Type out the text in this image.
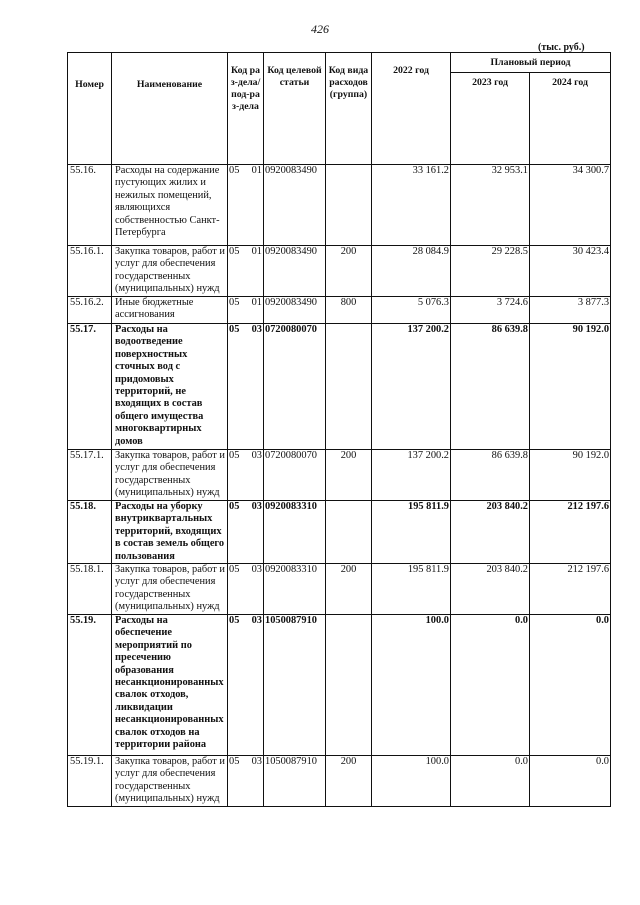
426
(тыс. руб.)
Номер	Наименование	Код раз-дела/ под-раз-дела	Код целевой статьи	Код вида расходов (группа)	2022 год	Плановый период	
						2023 год	2024 год
55.16.	Расходы на содержание пустующих жилих и нежилых помещений, являющихся собственностью Санкт-Петербурга	05 01	0920083490		33 161.2	32 953.1	34 300.7
55.16.1.	Закупка товаров, работ и услуг для обеспечения государственных (муниципальных) нужд	05 01	0920083490	200	28 084.9	29 228.5	30 423.4
55.16.2.	Иные бюджетные ассигнования	05 01	0920083490	800	5 076.3	3 724.6	3 877.3
55.17.	Расходы на водоотведение поверхностных сточных вод с придомовых территорий, не входящих в состав общего имущества многоквартирных домов	05 03	0720080070		137 200.2	86 639.8	90 192.0
55.17.1.	Закупка товаров, работ и услуг для обеспечения государственных (муниципальных) нужд	05 03	0720080070	200	137 200.2	86 639.8	90 192.0
55.18.	Расходы на уборку внутриквартальных территорий, входящих в состав земель общего пользования	05 03	0920083310		195 811.9	203 840.2	212 197.6
55.18.1.	Закупка товаров, работ и услуг для обеспечения государственных (муниципальных) нужд	05 03	0920083310	200	195 811.9	203 840.2	212 197.6
55.19.	Расходы на обеспечение мероприятий по пресечению образования несанкционированных свалок отходов, ликвидации несанкционированных свалок отходов на территории района	05 03	1050087910		100.0	0.0	0.0
55.19.1.	Закупка товаров, работ и услуг для обеспечения государственных (муниципальных) нужд	05 03	1050087910	200	100.0	0.0	0.0
